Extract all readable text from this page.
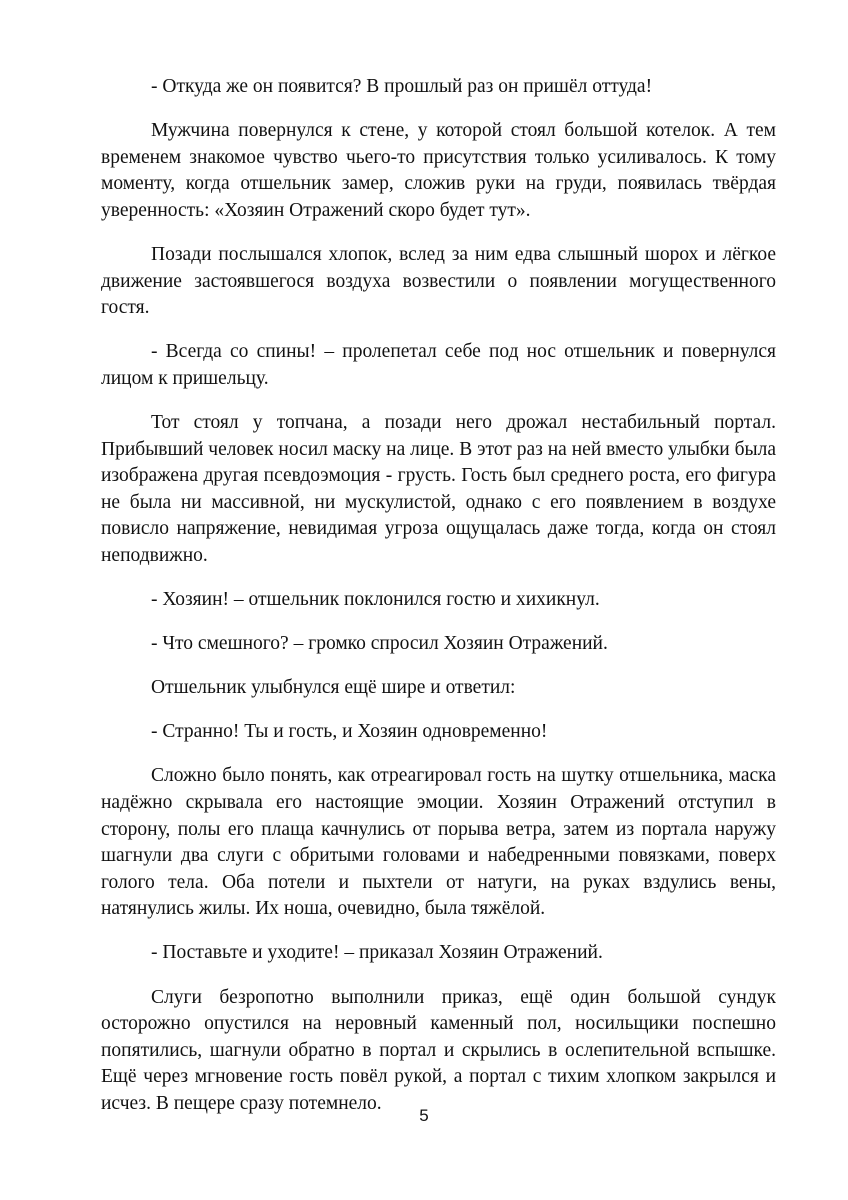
- Откуда же он появится? В прошлый раз он пришёл оттуда!

Мужчина повернулся к стене, у которой стоял большой котелок. А тем временем знакомое чувство чьего-то присутствия только усиливалось. К тому моменту, когда отшельник замер, сложив руки на груди, появилась твёрдая уверенность: «Хозяин Отражений скоро будет тут».

Позади послышался хлопок, вслед за ним едва слышный шорох и лёгкое движение застоявшегося воздуха возвестили о появлении могущественного гостя.

- Всегда со спины! – пролепетал себе под нос отшельник и повернулся лицом к пришельцу.

Тот стоял у топчана, а позади него дрожал нестабильный портал. Прибывший человек носил маску на лице. В этот раз на ней вместо улыбки была изображена другая псевдоэмоция - грусть. Гость был среднего роста, его фигура не была ни массивной, ни мускулистой, однако с его появлением в воздухе повисло напряжение, невидимая угроза ощущалась даже тогда, когда он стоял неподвижно.

- Хозяин! – отшельник поклонился гостю и хихикнул.

- Что смешного? – громко спросил Хозяин Отражений.

Отшельник улыбнулся ещё шире и ответил:

- Странно! Ты и гость, и Хозяин одновременно!

Сложно было понять, как отреагировал гость на шутку отшельника, маска надёжно скрывала его настоящие эмоции. Хозяин Отражений отступил в сторону, полы его плаща качнулись от порыва ветра, затем из портала наружу шагнули два слуги с обритыми головами и набедренными повязками, поверх голого тела. Оба потели и пыхтели от натуги, на руках вздулись вены, натянулись жилы. Их ноша, очевидно, была тяжёлой.

- Поставьте и уходите! – приказал Хозяин Отражений.

Слуги безропотно выполнили приказ, ещё один большой сундук осторожно опустился на неровный каменный пол, носильщики поспешно попятились, шагнули обратно в портал и скрылись в ослепительной вспышке. Ещё через мгновение гость повёл рукой, а портал с тихим хлопком закрылся и исчез. В пещере сразу потемнело.

5
